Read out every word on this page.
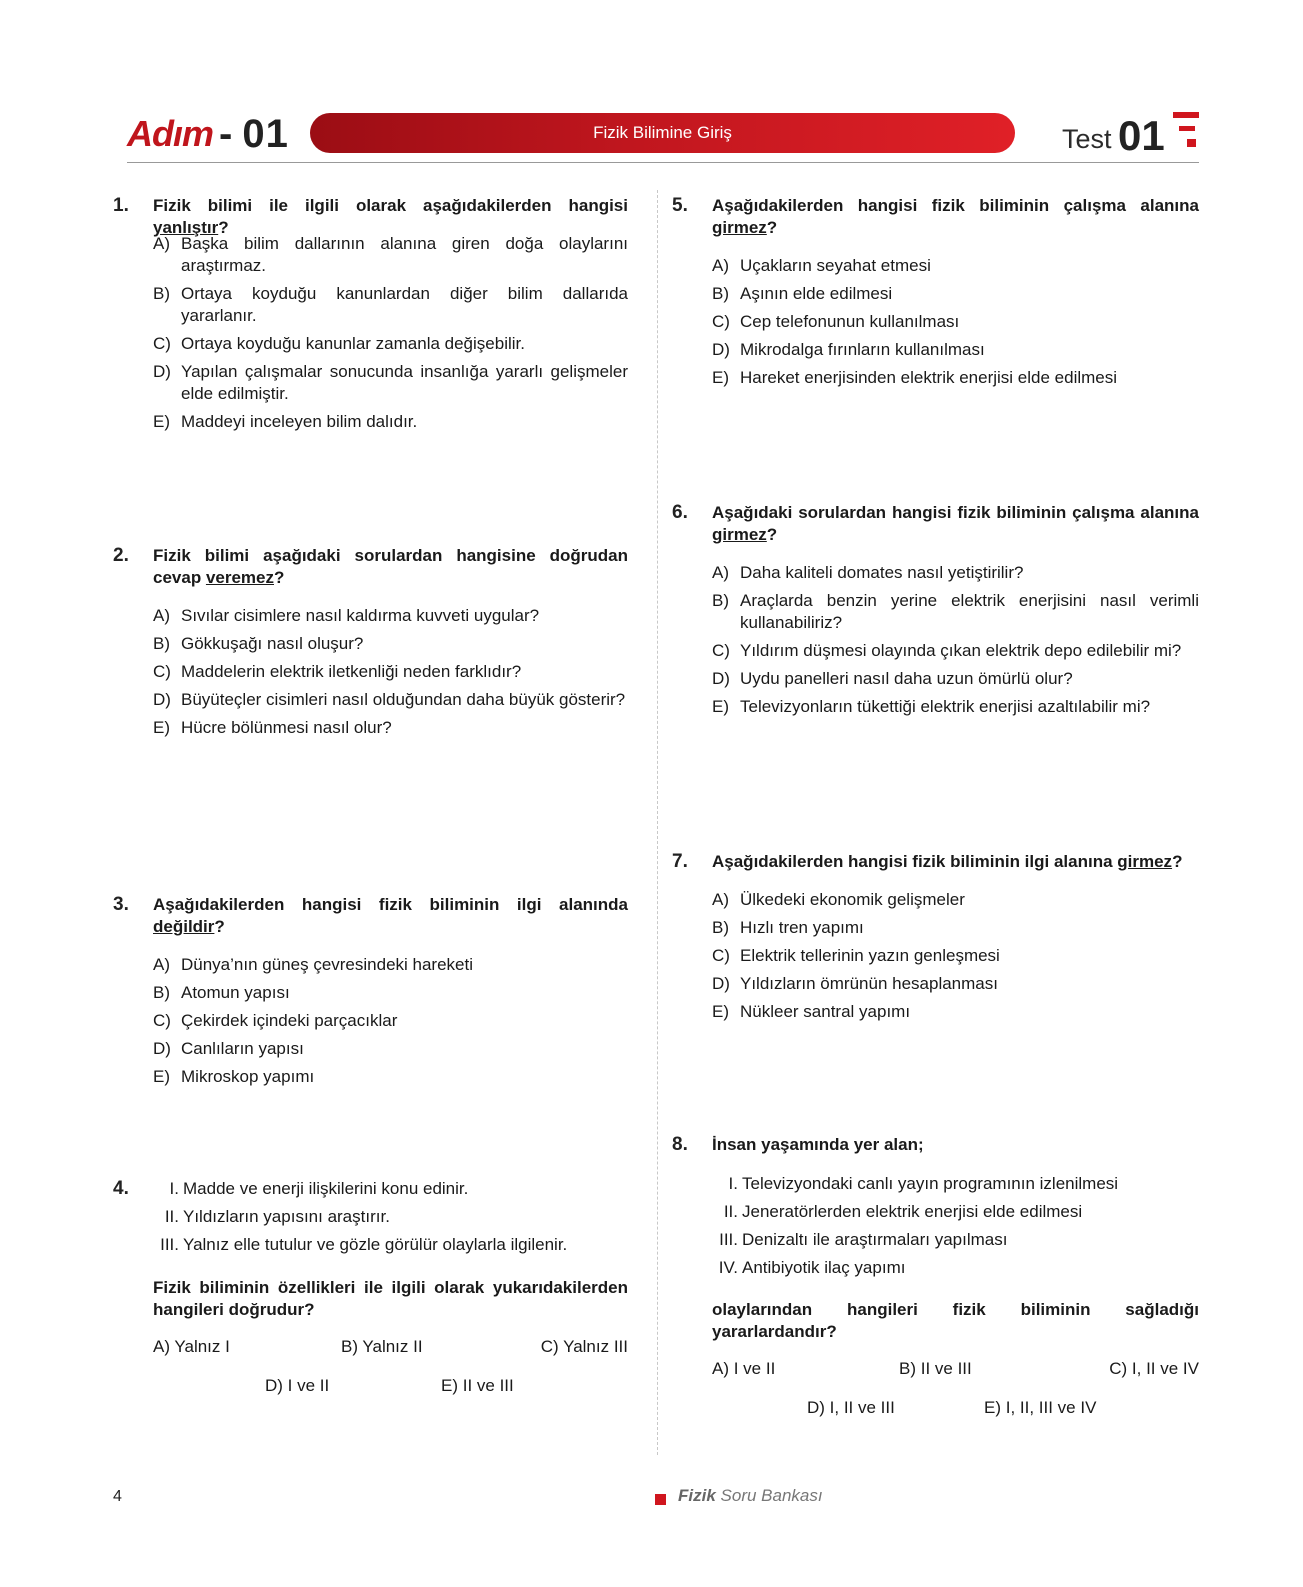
Adım - 01	Fizik Bilimine Giriş	Test 01
1. Fizik bilimi ile ilgili olarak aşağıdakilerden hangisi yanlıştır?
A) Başka bilim dallarının alanına giren doğa olaylarını araştırmaz.
B) Ortaya koyduğu kanunlardan diğer bilim dallarıda yararlanır.
C) Ortaya koyduğu kanunlar zamanla değişebilir.
D) Yapılan çalışmalar sonucunda insanlığa yararlı gelişmeler elde edilmiştir.
E) Maddeyi inceleyen bilim dalıdır.
2. Fizik bilimi aşağıdaki sorulardan hangisine doğrudan cevap veremez?
A) Sıvılar cisimlere nasıl kaldırma kuvveti uygular?
B) Gökkuşağı nasıl oluşur?
C) Maddelerin elektrik iletkenliği neden farklıdır?
D) Büyüteçler cisimleri nasıl olduğundan daha büyük gösterir?
E) Hücre bölünmesi nasıl olur?
3. Aşağıdakilerden hangisi fizik biliminin ilgi alanında değildir?
A) Dünya’nın güneş çevresindeki hareketi
B) Atomun yapısı
C) Çekirdek içindeki parçacıklar
D) Canlıların yapısı
E) Mikroskop yapımı
4.	I. Madde ve enerji ilişkilerini konu edinir.
II. Yıldızların yapısını araştırır.
III. Yalnız elle tutulur ve gözle görülür olaylarla ilgilenir.
Fizik biliminin özellikleri ile ilgili olarak yukarıdakilerden hangileri doğrudur?
A) Yalnız I	B) Yalnız II	C) Yalnız III
D) I ve II	E) II ve III
5. Aşağıdakilerden hangisi fizik biliminin çalışma alanına girmez?
A) Uçakların seyahat etmesi
B) Aşının elde edilmesi
C) Cep telefonunun kullanılması
D) Mikrodalga fırınların kullanılması
E) Hareket enerjisinden elektrik enerjisi elde edilmesi
6. Aşağıdaki sorulardan hangisi fizik biliminin çalışma alanına girmez?
A) Daha kaliteli domates nasıl yetiştirilir?
B) Araçlarda benzin yerine elektrik enerjisini nasıl verimli kullanabiliriz?
C) Yıldırım düşmesi olayında çıkan elektrik depo edilebilir mi?
D) Uydu panelleri nasıl daha uzun ömürlü olur?
E) Televizyonların tükettiği elektrik enerjisi azaltılabilir mi?
7. Aşağıdakilerden hangisi fizik biliminin ilgi alanına girmez?
A) Ülkedeki ekonomik gelişmeler
B) Hızlı tren yapımı
C) Elektrik tellerinin yazın genleşmesi
D) Yıldızların ömrünün hesaplanması
E) Nükleer santral yapımı
8. İnsan yaşamında yer alan;
I. Televizyondaki canlı yayın programının izlenilmesi
II. Jeneratörlerden elektrik enerjisi elde edilmesi
III. Denizaltı ile araştırmaları yapılması
IV. Antibiyotik ilaç yapımı
olaylarından hangileri fizik biliminin sağladığı yararlardandır?
A) I ve II	B) II ve III	C) I, II ve IV
D) I, II ve III	E) I, II, III ve IV
4	Fizik Soru Bankası
